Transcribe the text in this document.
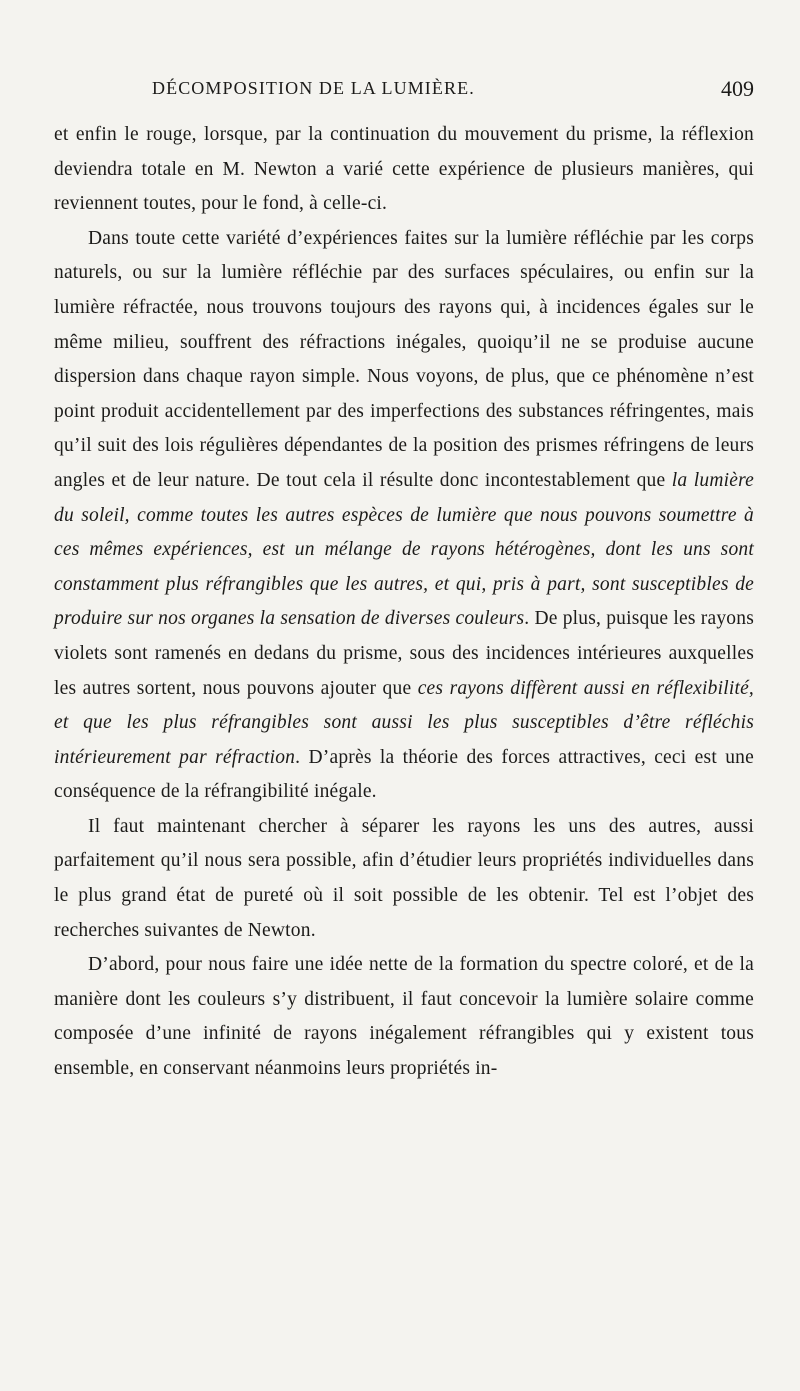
DÉCOMPOSITION DE LA LUMIÈRE.	409

et enfin le rouge, lorsque, par la continuation du mouvement du prisme, la réflexion deviendra totale en M. Newton a varié cette expérience de plusieurs manières, qui reviennent toutes, pour le fond, à celle-ci.

Dans toute cette variété d’expériences faites sur la lumière réfléchie par les corps naturels, ou sur la lumière réfléchie par des surfaces spéculaires, ou enfin sur la lumière réfractée, nous trouvons toujours des rayons qui, à incidences égales sur le même milieu, souffrent des réfractions inégales, quoiqu’il ne se produise aucune dispersion dans chaque rayon simple. Nous voyons, de plus, que ce phénomène n’est point produit accidentellement par des imperfections des substances réfringentes, mais qu’il suit des lois régulières dépendantes de la position des prismes réfringens de leurs angles et de leur nature. De tout cela il résulte donc incontestablement que la lumière du soleil, comme toutes les autres espèces de lumière que nous pouvons soumettre à ces mêmes expériences, est un mélange de rayons hétérogènes, dont les uns sont constamment plus réfrangibles que les autres, et qui, pris à part, sont susceptibles de produire sur nos organes la sensation de diverses couleurs. De plus, puisque les rayons violets sont ramenés en dedans du prisme, sous des incidences intérieures auxquelles les autres sortent, nous pouvons ajouter que ces rayons diffèrent aussi en réflexibilité, et que les plus réfrangibles sont aussi les plus susceptibles d’être réfléchis intérieurement par réfraction. D’après la théorie des forces attractives, ceci est une conséquence de la réfrangibilité inégale.

Il faut maintenant chercher à séparer les rayons les uns des autres, aussi parfaitement qu’il nous sera possible, afin d’étudier leurs propriétés individuelles dans le plus grand état de pureté où il soit possible de les obtenir. Tel est l’objet des recherches suivantes de Newton.

D’abord, pour nous faire une idée nette de la formation du spectre coloré, et de la manière dont les couleurs s’y distribuent, il faut concevoir la lumière solaire comme composée d’une infinité de rayons inégalement réfrangibles qui y existent tous ensemble, en conservant néanmoins leurs propriétés in-
